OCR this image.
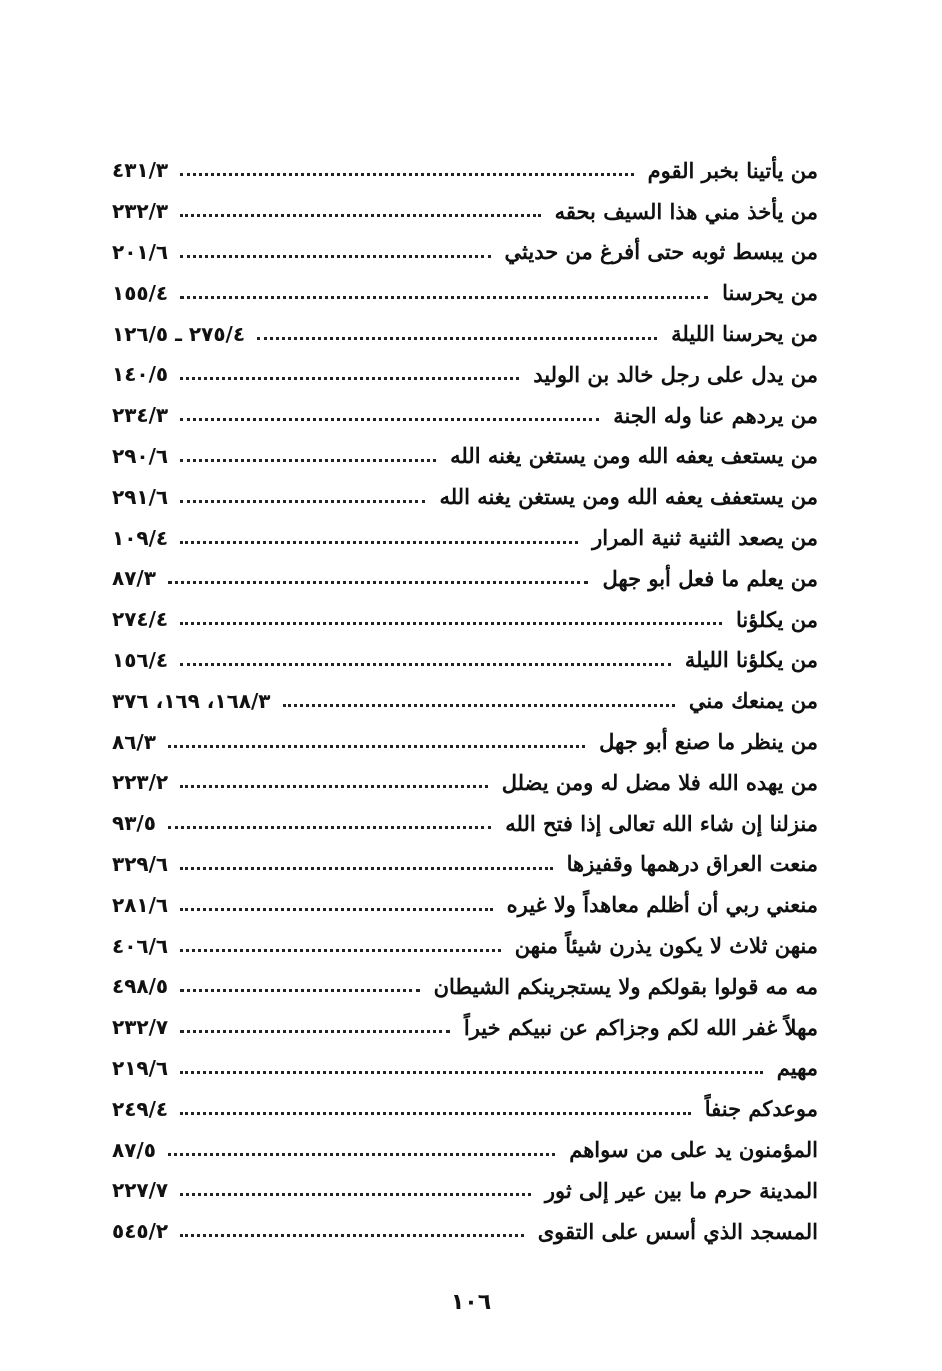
من يأتينا بخبر القوم
٤٣١/٣
من يأخذ مني هذا السيف بحقه
٢٣٢/٣
من يبسط ثوبه حتى أفرغ من حديثي
٢٠١/٦
من يحرسنا
١٥٥/٤
من يحرسنا الليلة
٢٧٥/٤ ـ ١٢٦/٥
من يدل على رجل خالد بن الوليد
١٤٠/٥
من يردهم عنا وله الجنة
٢٣٤/٣
من يستعف يعفه الله ومن يستغن يغنه الله
٢٩٠/٦
من يستعفف يعفه الله ومن يستغن يغنه الله
٢٩١/٦
من يصعد الثنية ثنية المرار
١٠٩/٤
من يعلم ما فعل أبو جهل
٨٧/٣
من يكلؤنا
٢٧٤/٤
من يكلؤنا الليلة
١٥٦/٤
من يمنعك مني
١٦٨/٣، ١٦٩، ٣٧٦
من ينظر ما صنع أبو جهل
٨٦/٣
من يهده الله فلا مضل له ومن يضلل
٢٢٣/٢
منزلنا إن شاء الله تعالى إذا فتح الله
٩٣/٥
منعت العراق درهمها وقفيزها
٣٢٩/٦
منعني ربي أن أظلم معاهداً ولا غيره
٢٨١/٦
منهن ثلاث لا يكون يذرن شيئاً منهن
٤٠٦/٦
مه مه قولوا بقولكم ولا يستجرينكم الشيطان
٤٩٨/٥
مهلاً غفر الله لكم وجزاكم عن نبيكم خيراً
٢٣٢/٧
مهيم
٢١٩/٦
موعدكم جنفاً
٢٤٩/٤
المؤمنون يد على من سواهم
٨٧/٥
المدينة حرم ما بين عير إلى ثور
٢٢٧/٧
المسجد الذي أسس على التقوى
٥٤٥/٢
١٠٦
